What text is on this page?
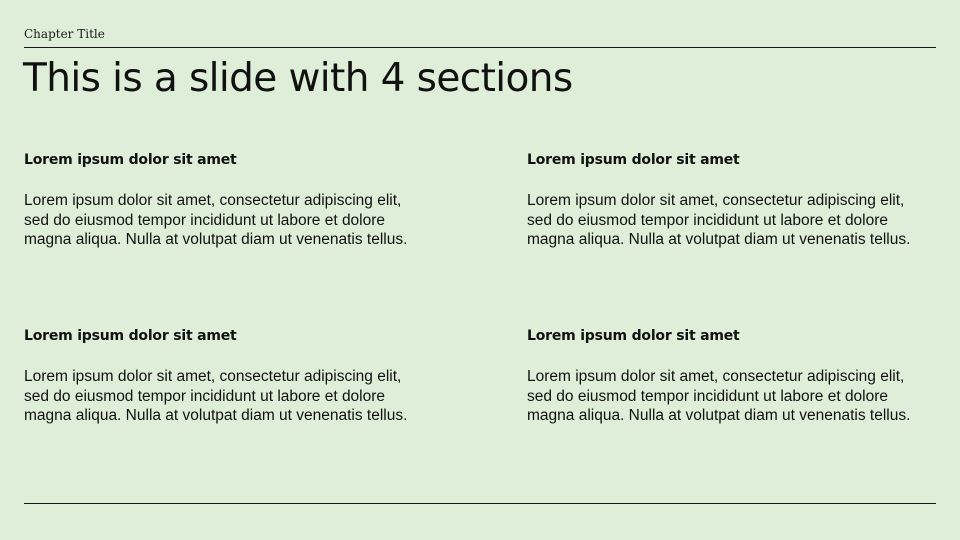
Chapter Title
This is a slide with 4 sections

Lorem ipsum dolor sit amet

Lorem ipsum dolor sit amet, consectetur adipiscing elit, sed do eiusmod tempor incididunt ut labore et dolore magna aliqua. Nulla at volutpat diam ut venenatis tellus.

Lorem ipsum dolor sit amet

Lorem ipsum dolor sit amet, consectetur adipiscing elit, sed do eiusmod tempor incididunt ut labore et dolore magna aliqua. Nulla at volutpat diam ut venenatis tellus.

Lorem ipsum dolor sit amet

Lorem ipsum dolor sit amet, consectetur adipiscing elit, sed do eiusmod tempor incididunt ut labore et dolore magna aliqua. Nulla at volutpat diam ut venenatis tellus.

Lorem ipsum dolor sit amet

Lorem ipsum dolor sit amet, consectetur adipiscing elit, sed do eiusmod tempor incididunt ut labore et dolore magna aliqua. Nulla at volutpat diam ut venenatis tellus.
